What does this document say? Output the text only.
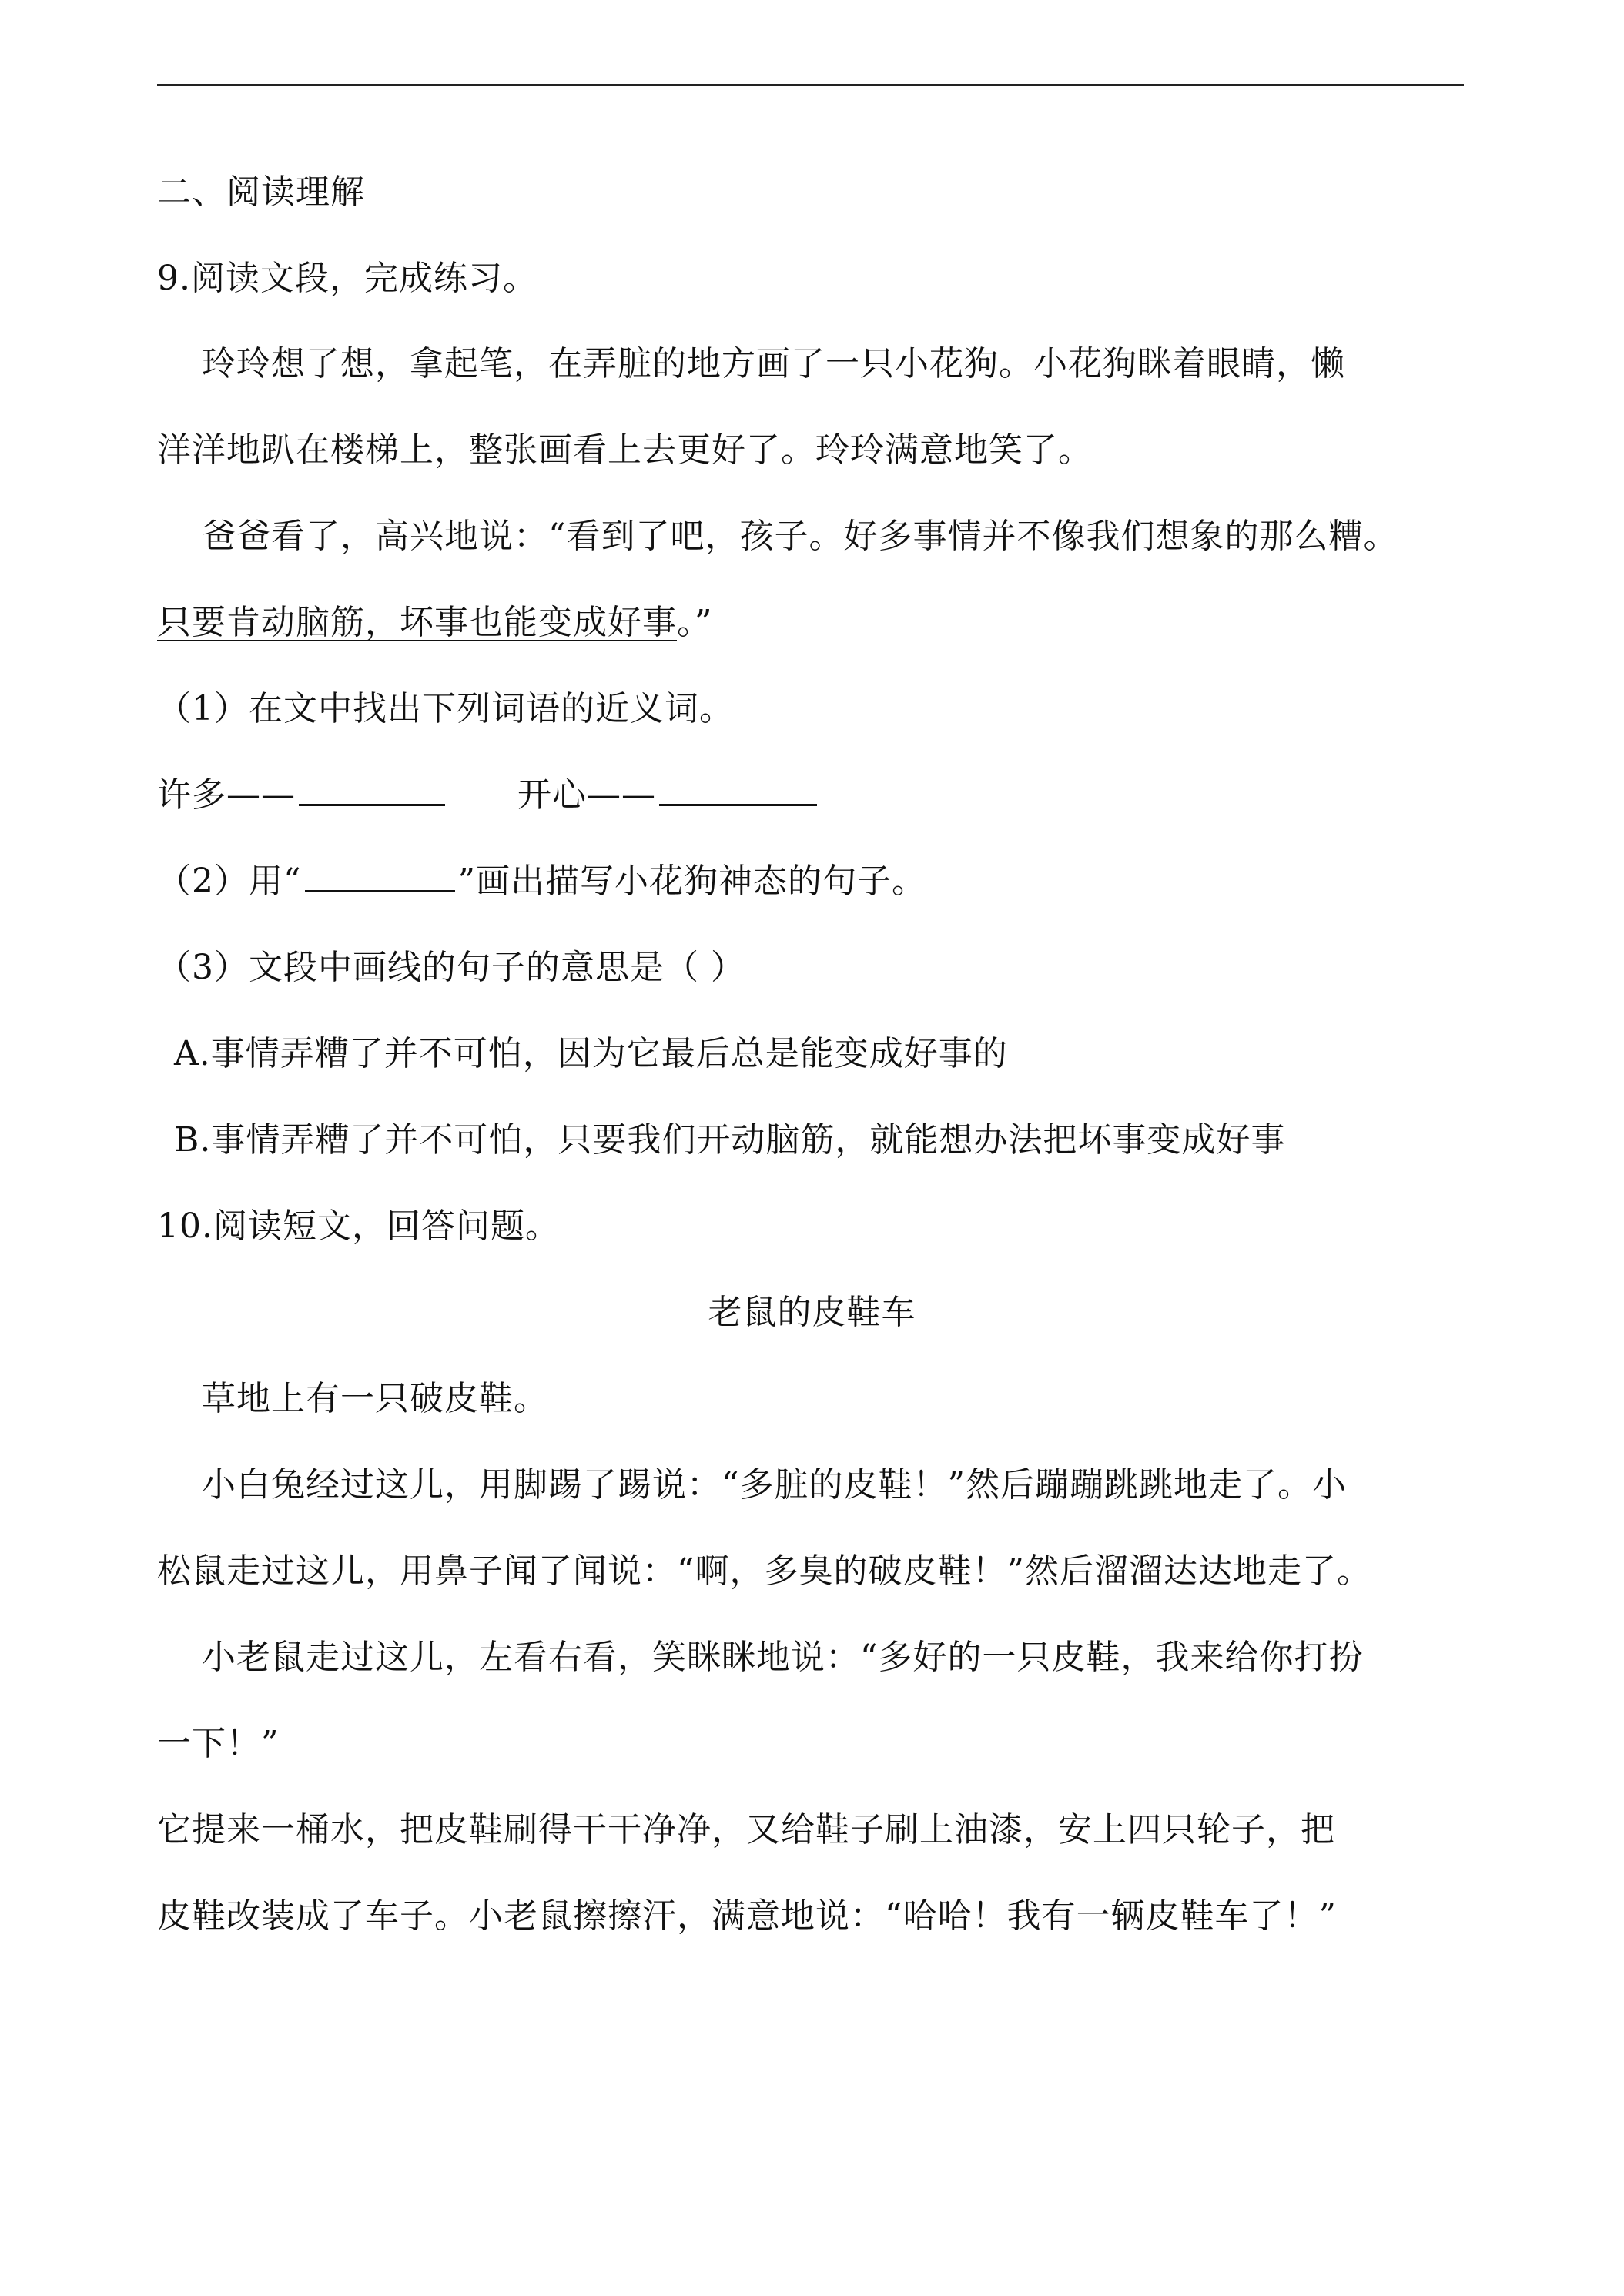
二、阅读理解
9.阅读文段，完成练习。
玲玲想了想，拿起笔，在弄脏的地方画了一只小花狗。小花狗眯着眼睛，懒
洋洋地趴在楼梯上，整张画看上去更好了。玲玲满意地笑了。
爸爸看了，高兴地说：“看到了吧，孩子。好多事情并不像我们想象的那么糟。
只要肯动脑筋，坏事也能变成好事。”
（1）在文中找出下列词语的近义词。
许多——	开心——
（2）用“	”画出描写小花狗神态的句子。
（3）文段中画线的句子的意思是（ ）
A.事情弄糟了并不可怕，因为它最后总是能变成好事的
B.事情弄糟了并不可怕，只要我们开动脑筋，就能想办法把坏事变成好事
10.阅读短文，回答问题。
老鼠的皮鞋车
草地上有一只破皮鞋。
小白兔经过这儿，用脚踢了踢说：“多脏的皮鞋！”然后蹦蹦跳跳地走了。小
松鼠走过这儿，用鼻子闻了闻说：“啊，多臭的破皮鞋！”然后溜溜达达地走了。
小老鼠走过这儿，左看右看，笑眯眯地说：“多好的一只皮鞋，我来给你打扮
一下！”
它提来一桶水，把皮鞋刷得干干净净，又给鞋子刷上油漆，安上四只轮子，把
皮鞋改装成了车子。小老鼠擦擦汗，满意地说：“哈哈！我有一辆皮鞋车了！”
